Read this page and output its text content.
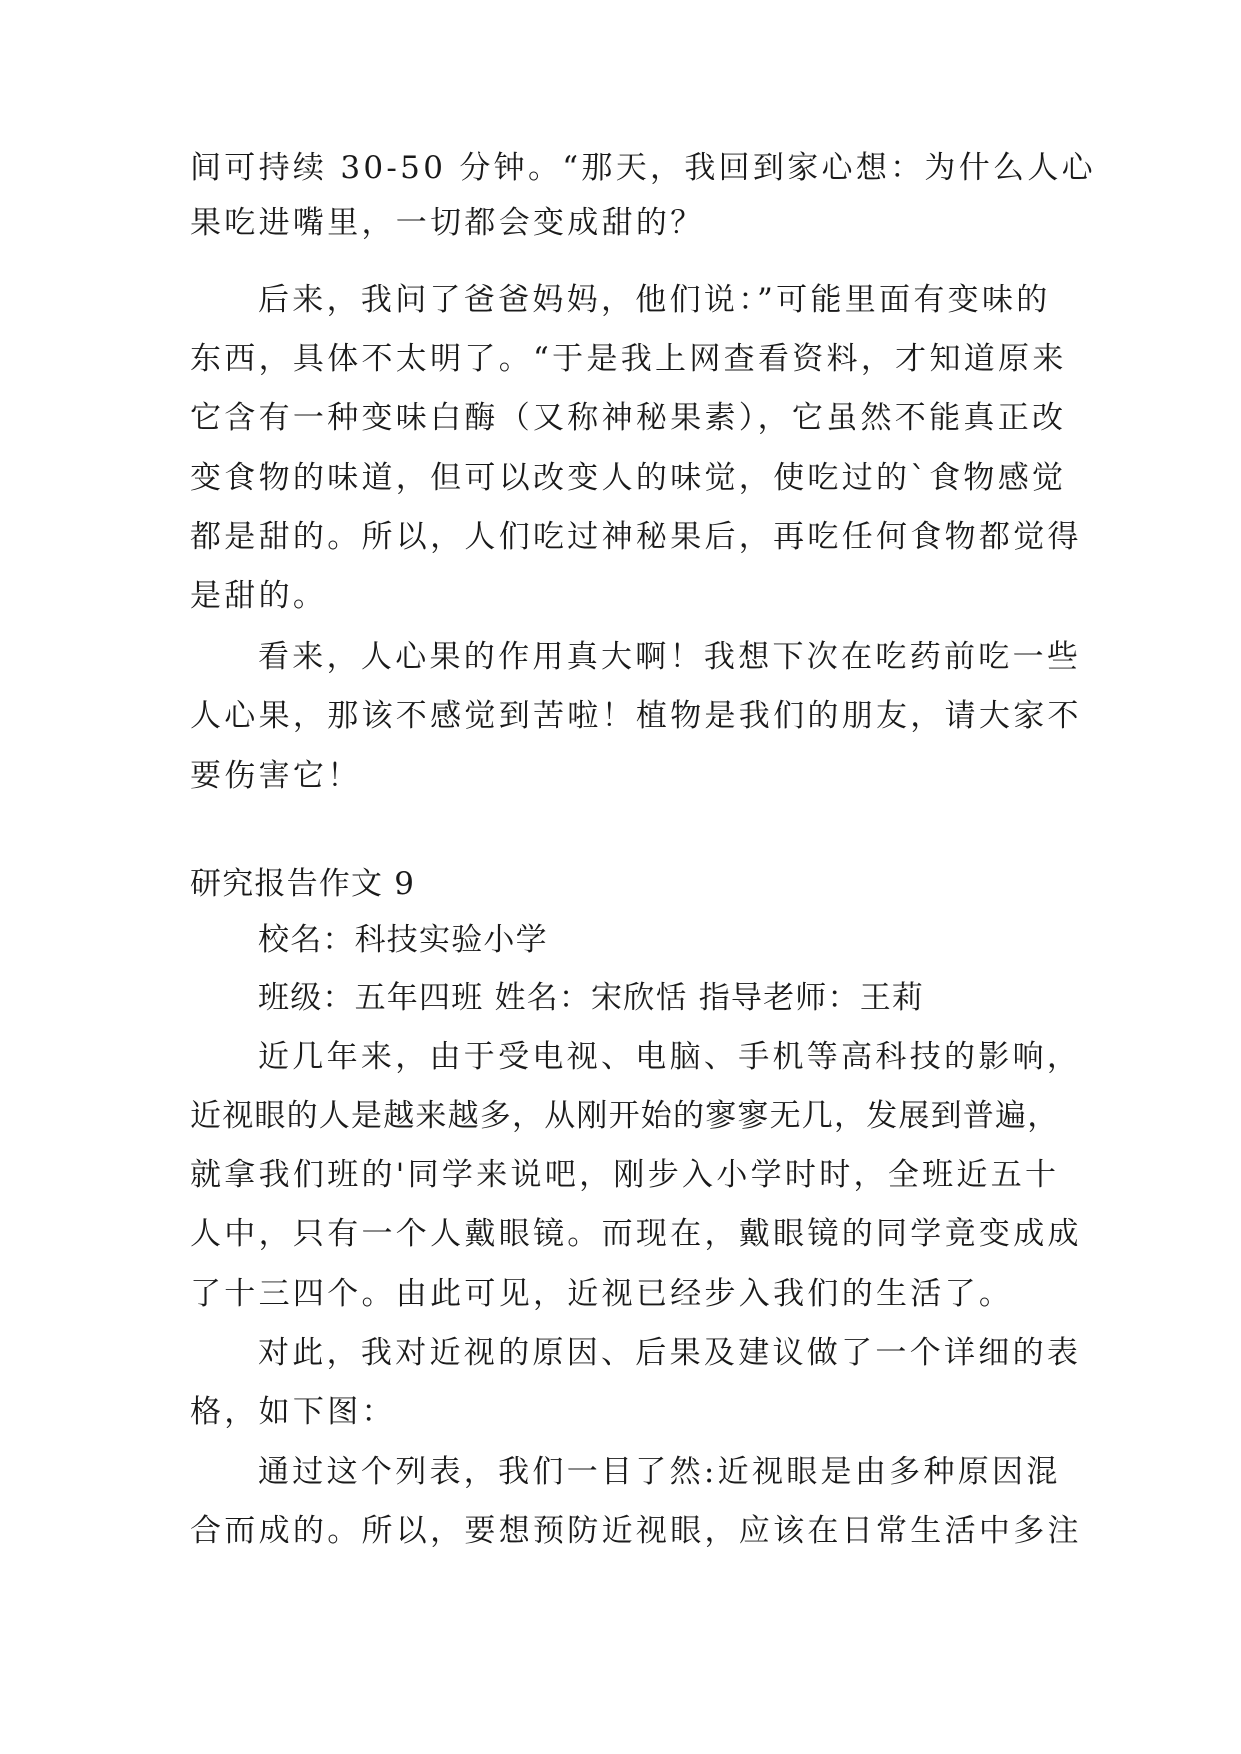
间可持续 30-50 分钟。“那天，我回到家心想：为什么人心
果吃进嘴里，一切都会变成甜的？
后来，我问了爸爸妈妈，他们说：”可能里面有变味的
东西，具体不太明了。“于是我上网查看资料，才知道原来
它含有一种变味白酶（又称神秘果素），它虽然不能真正改
变食物的味道，但可以改变人的味觉，使吃过的`食物感觉
都是甜的。所以，人们吃过神秘果后，再吃任何食物都觉得
是甜的。
看来，人心果的作用真大啊！我想下次在吃药前吃一些
人心果，那该不感觉到苦啦！植物是我们的朋友，请大家不
要伤害它！
研究报告作文 9
校名：科技实验小学
班级：五年四班 姓名：宋欣恬 指导老师：王莉
近几年来，由于受电视、电脑、手机等高科技的影响，
近视眼的人是越来越多，从刚开始的寥寥无几，发展到普遍，
就拿我们班的'同学来说吧，刚步入小学时时，全班近五十
人中，只有一个人戴眼镜。而现在，戴眼镜的同学竟变成成
了十三四个。由此可见，近视已经步入我们的生活了。
对此，我对近视的原因、后果及建议做了一个详细的表
格，如下图：
通过这个列表，我们一目了然:近视眼是由多种原因混
合而成的。所以，要想预防近视眼，应该在日常生活中多注
